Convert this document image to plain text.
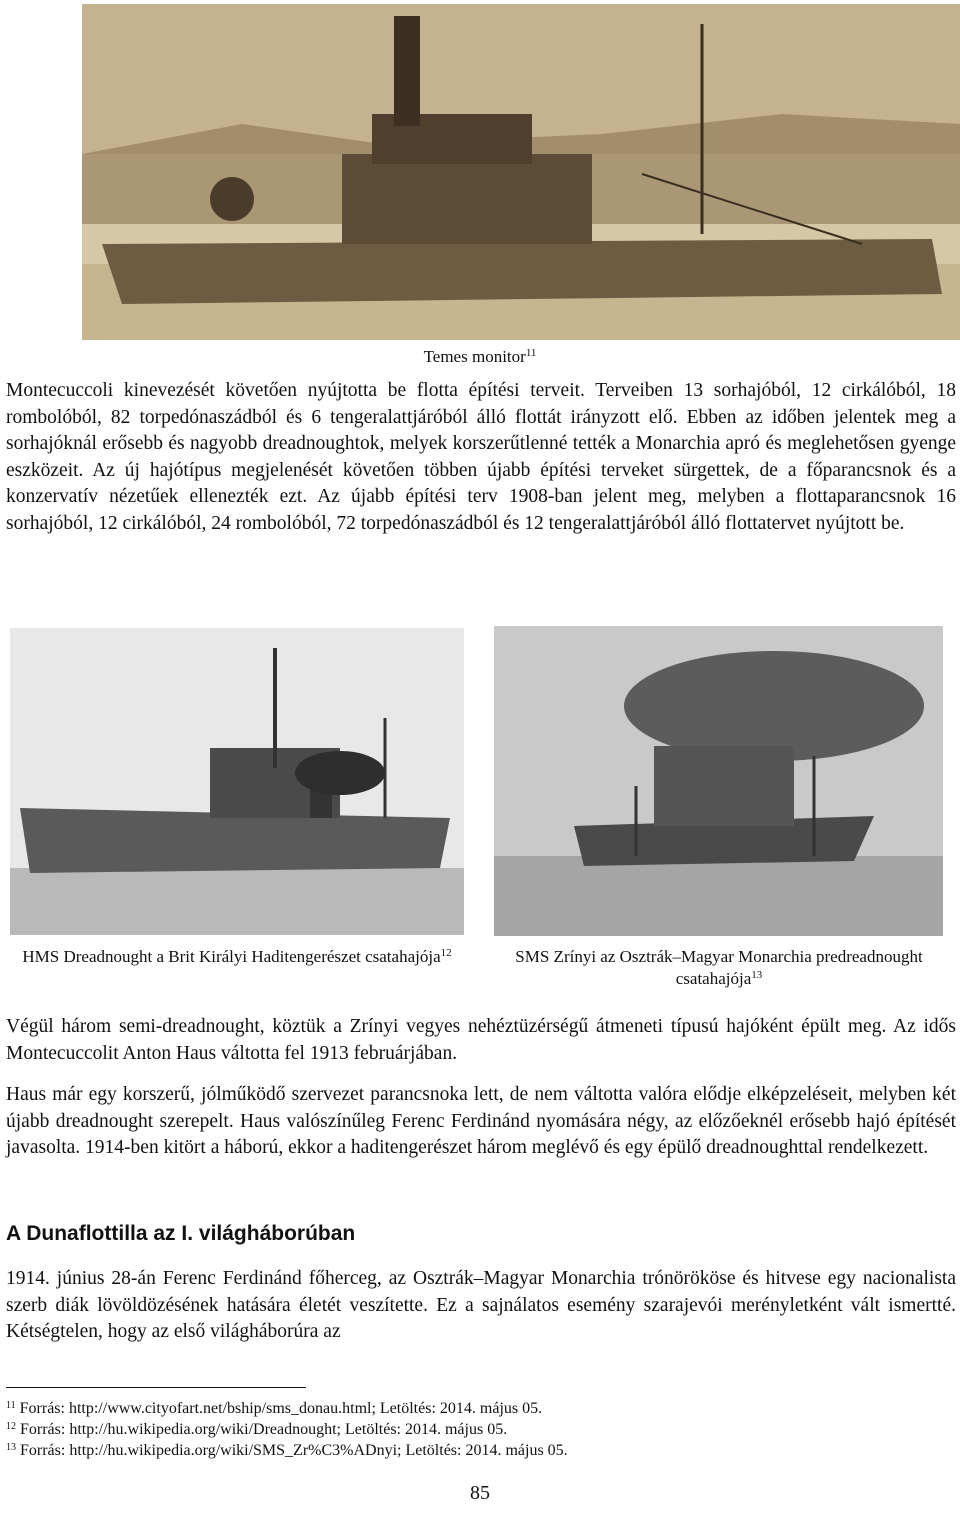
Temes monitor$^{11}$

Montecuccoli kinevezését követően nyújtotta be flotta építési terveit. Terveiben 13 sorhajóból, 12 cirkálóból, 18 rombolóból, 82 torpedónaszádból és 6 tengeralattjáróból álló flottát irányzott elő. Ebben az időben jelentek meg a sorhajóknál erősebb és nagyobb dreadnoughtok, melyek korszerűtlenné tették a Monarchia apró és meglehetősen gyenge eszközeit. Az új hajótípus megjelenését követően többen újabb építési terveket sürgettek, de a főparancsnok és a konzervatív nézetűek ellenezték ezt. Az újabb építési terv 1908-ban jelent meg, melyben a flottaparancsnok 16 sorhajóból, 12 cirkálóból, 24 rombolóból, 72 torpedónaszádból és 12 tengeralattjáróból álló flottatervet nyújtott be.

HMS Dreadnought a Brit Királyi Haditengerészet csatahajója$^{12}$	SMS Zrínyi az Osztrák–Magyar Monarchia predreadnought csatahajója$^{13}$

Végül három semi-dreadnought, köztük a Zrínyi vegyes nehéztüzérségű átmeneti típusú hajóként épült meg. Az idős Montecuccolit Anton Haus váltotta fel 1913 februárjában.

Haus már egy korszerű, jólműködő szervezet parancsnoka lett, de nem váltotta valóra elődje elképzeléseit, melyben két újabb dreadnought szerepelt. Haus valószínűleg Ferenc Ferdinánd nyomására négy, az előzőeknél erősebb hajó építését javasolta. 1914-ben kitört a háború, ekkor a haditengerészet három meglévő és egy épülő dreadnoughttal rendelkezett.

A Dunaflottilla az I. világháborúban

1914. június 28-án Ferenc Ferdinánd főherceg, az Osztrák–Magyar Monarchia trónörököse és hitvese egy nacionalista szerb diák lövöldözésének hatására életét veszítette. Ez a sajnálatos esemény szarajevói merényletként vált ismertté. Kétségtelen, hogy az első világháborúra az

$^{11}$ Forrás: http://www.cityofart.net/bship/sms_donau.html; Letöltés: 2014. május 05.
$^{12}$ Forrás: http://hu.wikipedia.org/wiki/Dreadnought; Letöltés: 2014. május 05.
$^{13}$ Forrás: http://hu.wikipedia.org/wiki/SMS_Zr%C3%ADnyi; Letöltés: 2014. május 05.
85
